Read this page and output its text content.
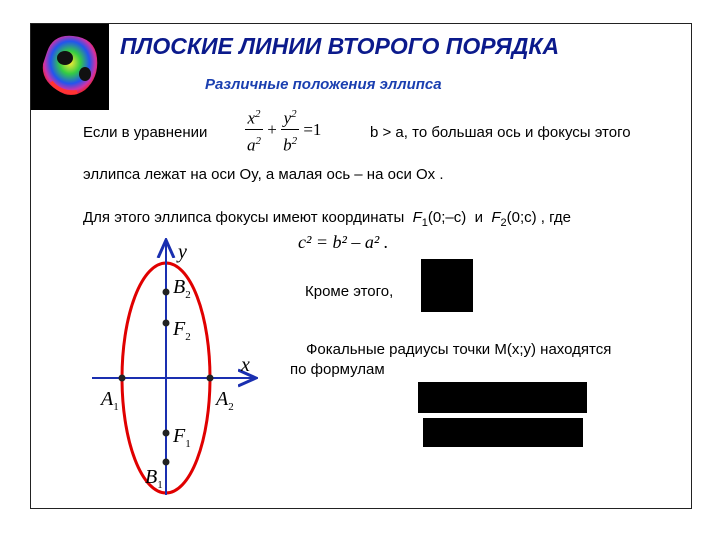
ПЛОСКИЕ ЛИНИИ ВТОРОГО ПОРЯДКА
Различные положения эллипса
Если в уравнении $\frac{x^2}{a^2} + \frac{y^2}{b^2} =1$	b > a, то большая ось и фокусы этого
эллипса лежат на оси Оy, а малая ось – на оси Оx .
Для этого эллипса фокусы имеют координаты $F_1(0;-c)$ и $F_2(0;c)$ , где
c² = b² – a² .
Кроме этого,
Фокальные радиусы точки M(x;y) находятся
по формулам
y
x
$B_2$
$F_2$
$A_1$	$A_2$
$F_1$
$B_1$
